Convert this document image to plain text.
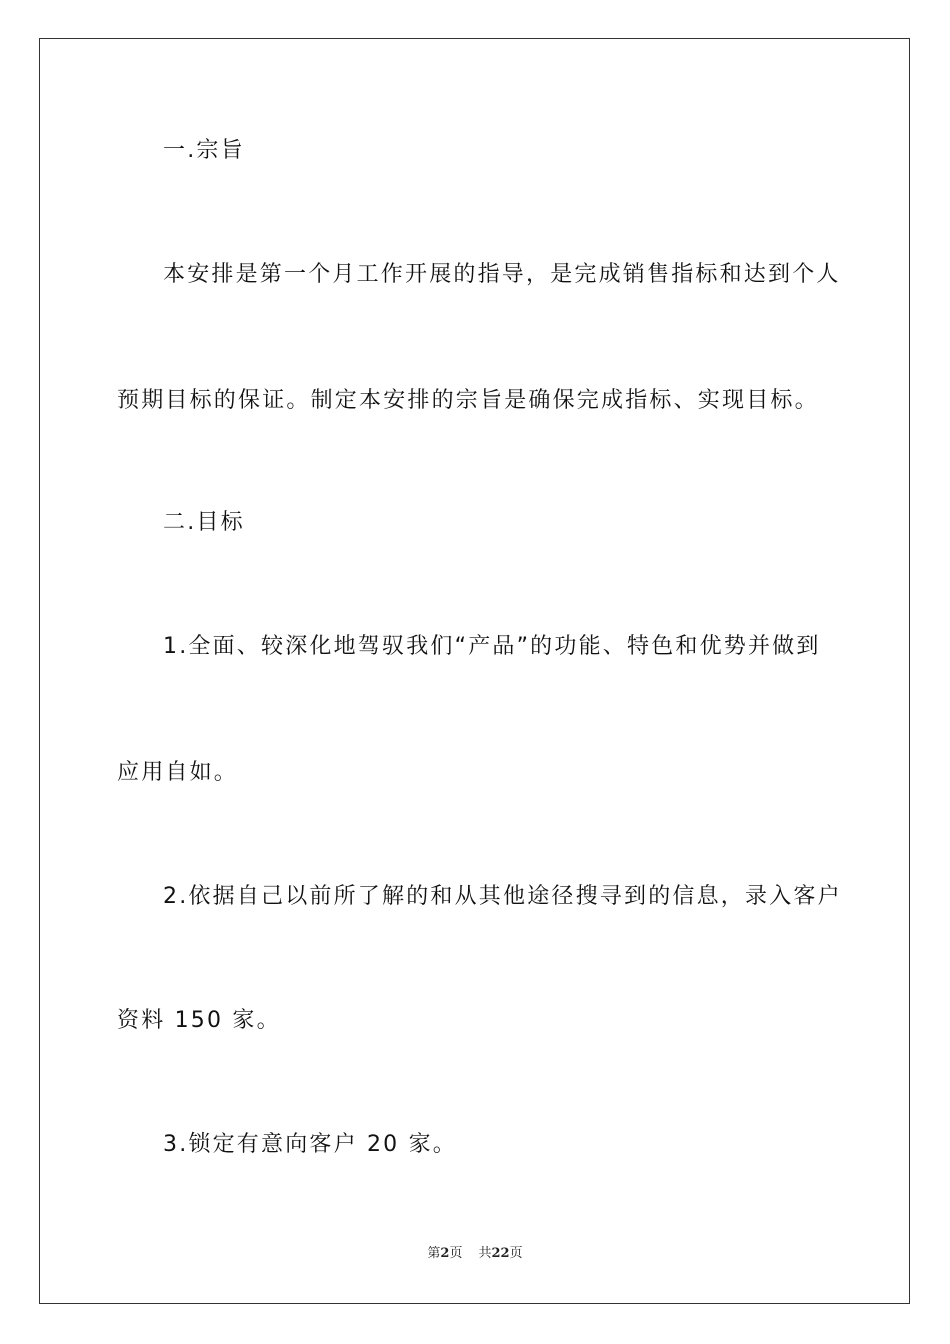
一.宗旨
本安排是第一个月工作开展的指导，是完成销售指标和达到个人
预期目标的保证。制定本安排的宗旨是确保完成指标、实现目标。
二.目标
1.全面、较深化地驾驭我们“产品”的功能、特色和优势并做到
应用自如。
2.依据自己以前所了解的和从其他途径搜寻到的信息，录入客户
资料 150 家。
3.锁定有意向客户 20 家。
第2页 共22页
